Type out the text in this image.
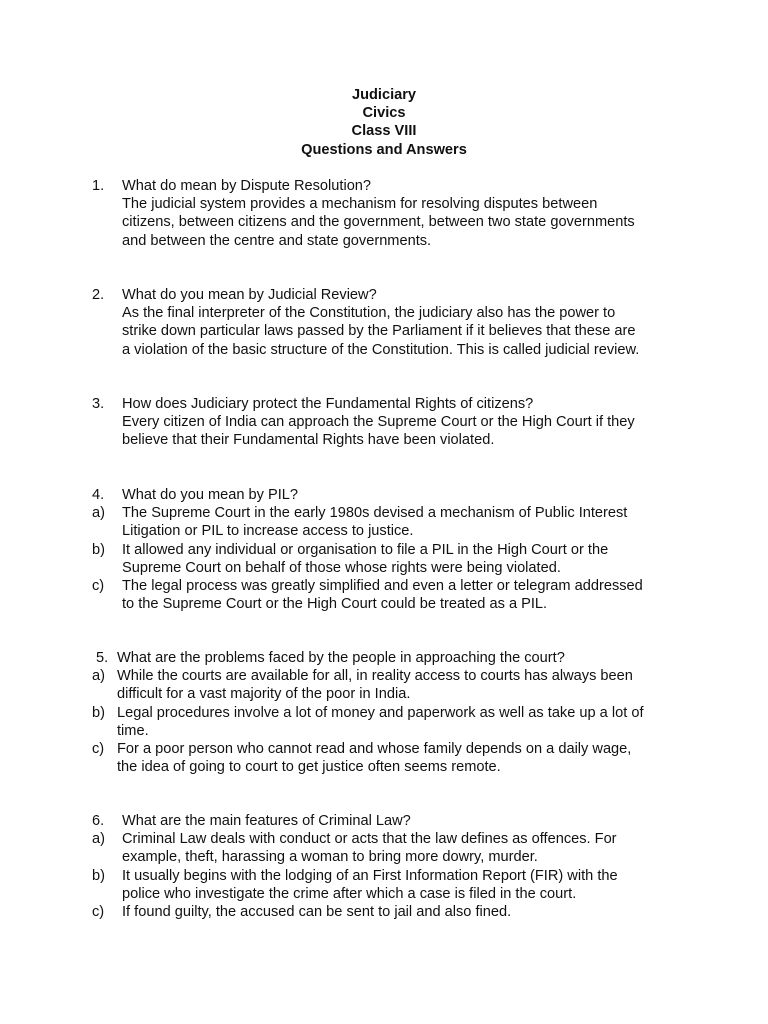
Judiciary
Civics
Class VIII
Questions and Answers
1. What do mean by Dispute Resolution?
The judicial system provides a mechanism for resolving disputes between
citizens, between citizens and the government, between two state governments
and between the centre and state governments.
2. What do you mean by Judicial Review?
As the final interpreter of the Constitution, the judiciary also has the power to
strike down particular laws passed by the Parliament if it believes that these are
a violation of the basic structure of the Constitution. This is called judicial review.
3. How does Judiciary protect the Fundamental Rights of citizens?
Every citizen of India can approach the Supreme Court or the High Court if they
believe that their Fundamental Rights have been violated.
4. What do you mean by PIL?
a) The Supreme Court in the early 1980s devised a mechanism of Public Interest
Litigation or PIL to increase access to justice.
b) It allowed any individual or organisation to file a PIL in the High Court or the
Supreme Court on behalf of those whose rights were being violated.
c) The legal process was greatly simplified and even a letter or telegram addressed
to the Supreme Court or the High Court could be treated as a PIL.
5. What are the problems faced by the people in approaching the court?
a) While the courts are available for all, in reality access to courts has always been
difficult for a vast majority of the poor in India.
b) Legal procedures involve a lot of money and paperwork as well as take up a lot of
time.
c) For a poor person who cannot read and whose family depends on a daily wage,
the idea of going to court to get justice often seems remote.
6. What are the main features of Criminal Law?
a) Criminal Law deals with conduct or acts that the law defines as offences. For
example, theft, harassing a woman to bring more dowry, murder.
b) It usually begins with the lodging of an First Information Report (FIR) with the
police who investigate the crime after which a case is filed in the court.
c) If found guilty, the accused can be sent to jail and also fined.
